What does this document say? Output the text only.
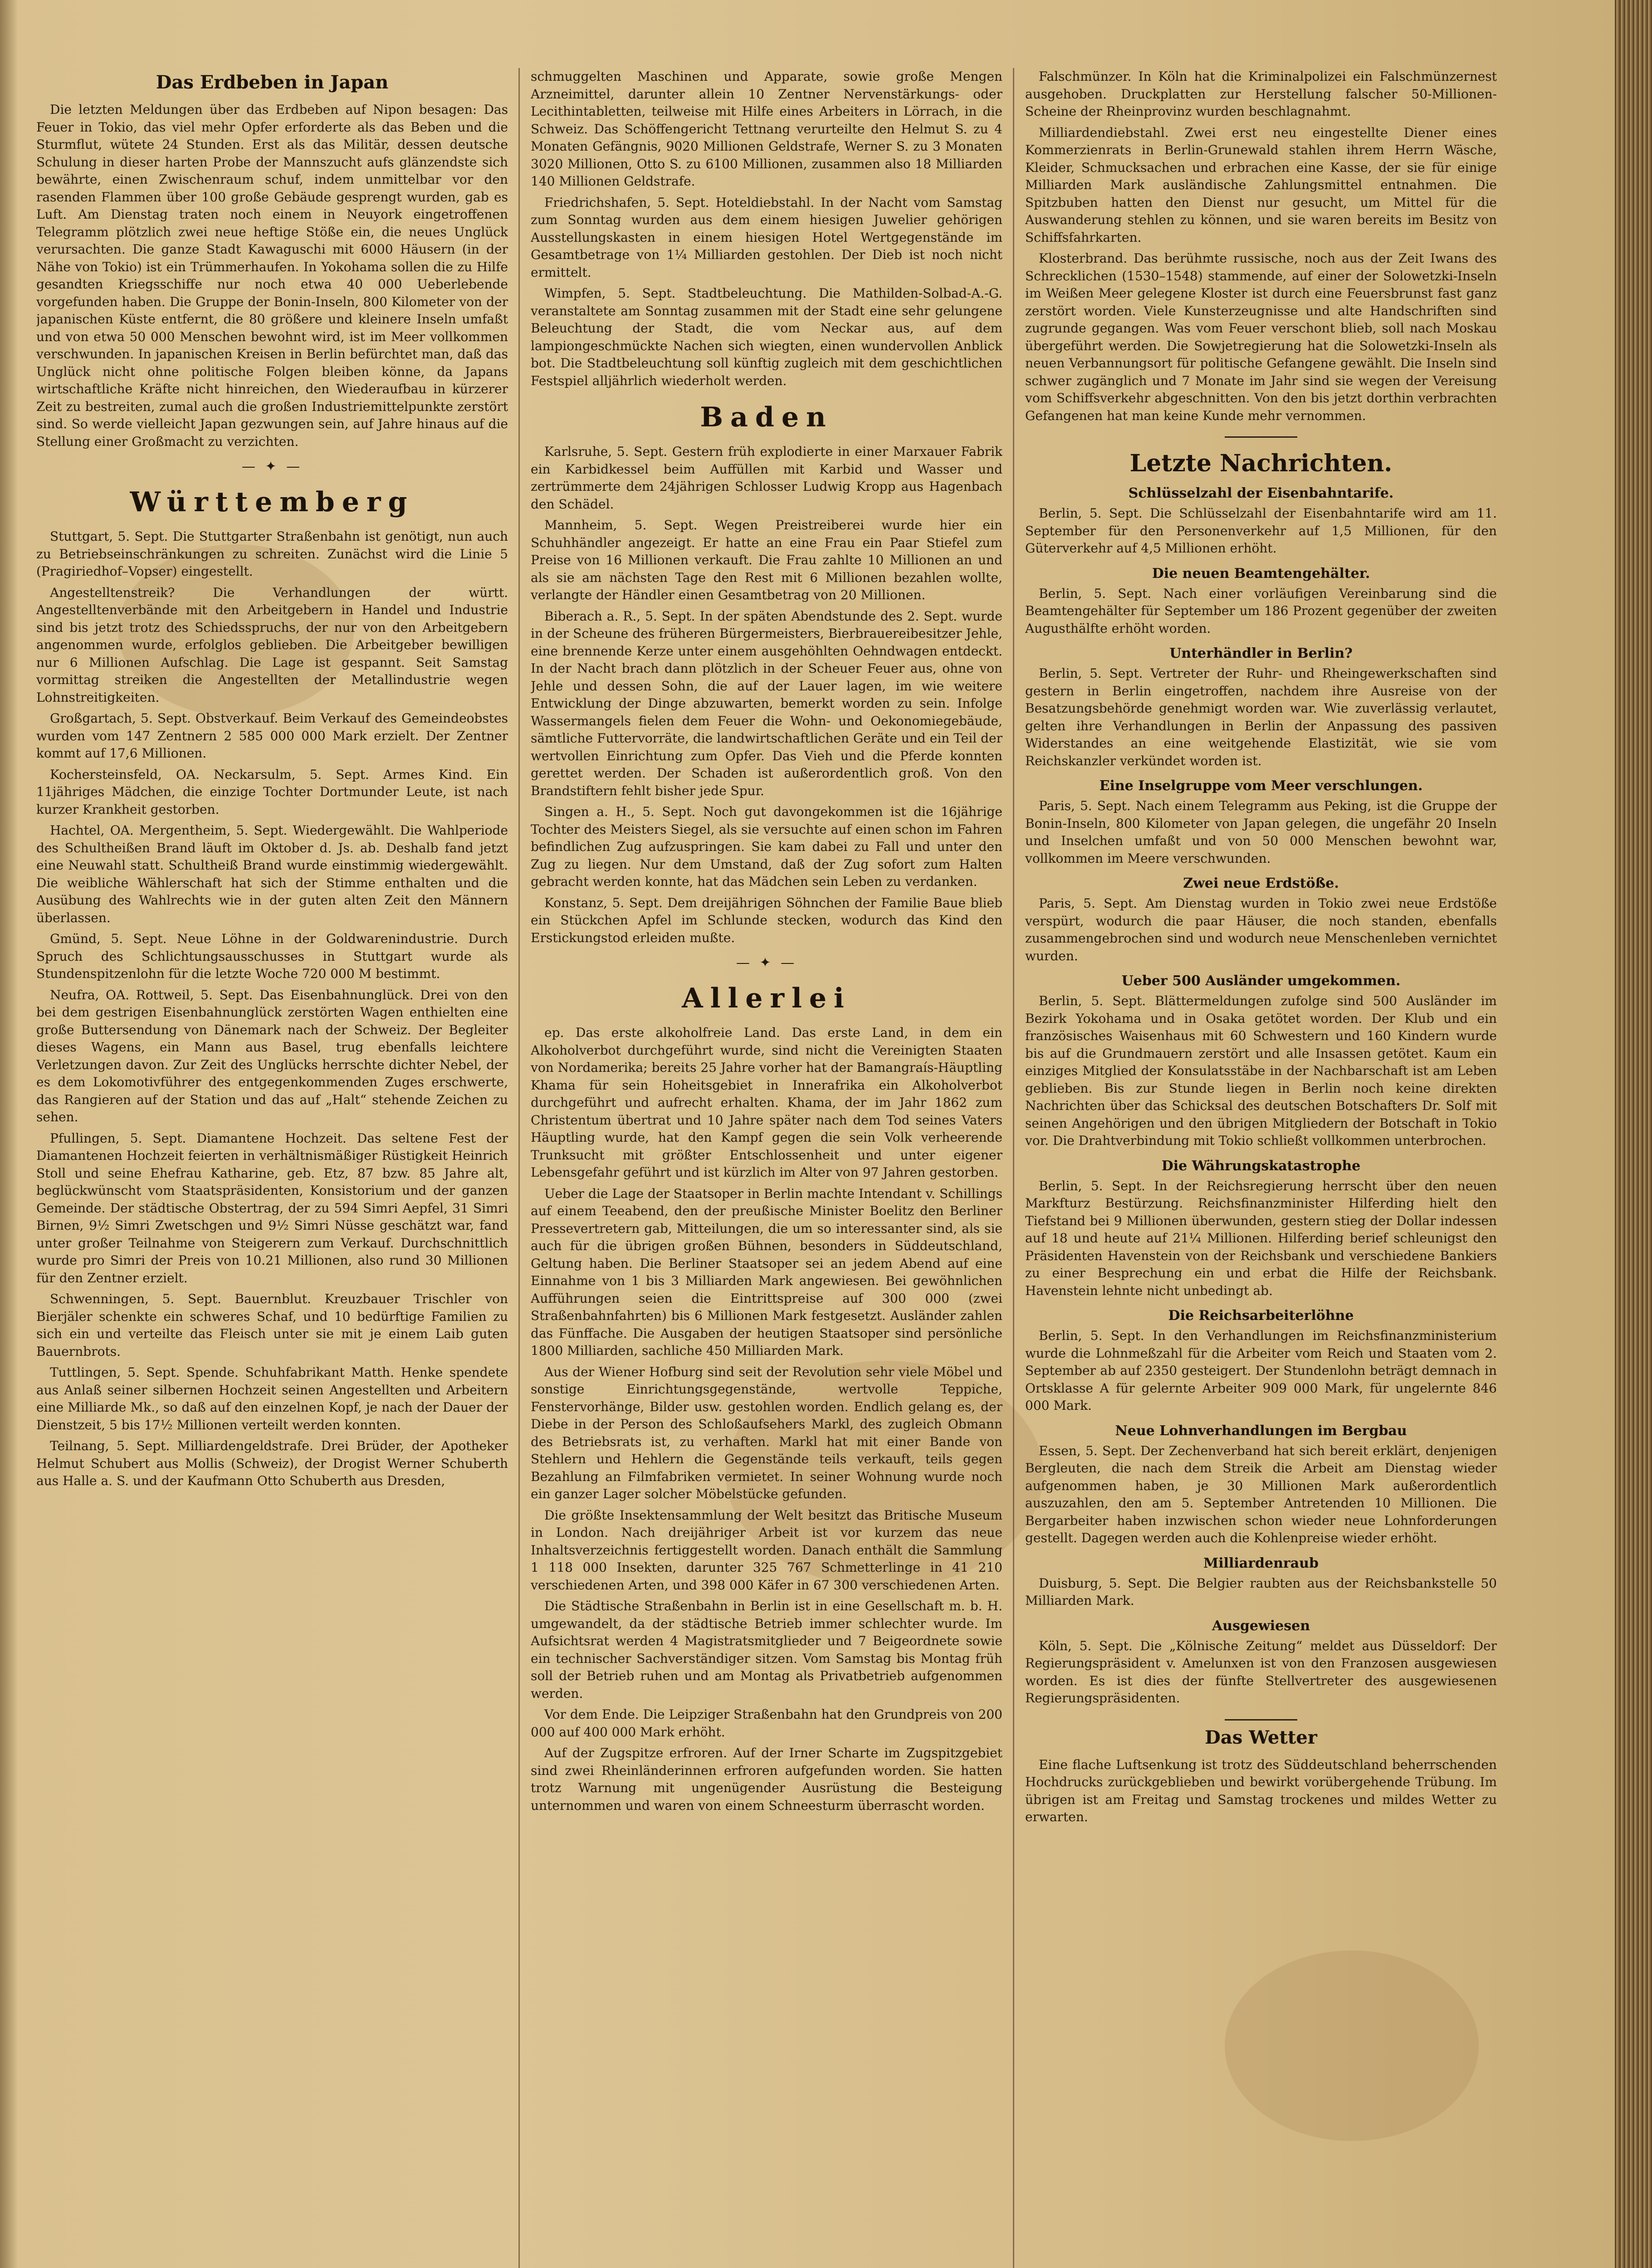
Das Erdbeben in Japan

Die letzten Meldungen über das Erdbeben auf Nipon besagen: Das Feuer in Tokio, das viel mehr Opfer erforderte als das Beben und die Sturmflut, wütete 24 Stunden. Erst als das Militär, dessen deutsche Schulung in dieser harten Probe der Mannszucht aufs glänzendste sich bewährte, einen Zwischenraum schuf, indem unmittelbar vor den rasenden Flammen über 100 große Gebäude gesprengt wurden, gab es Luft. Am Dienstag traten noch einem in Neuyork eingetroffenen Telegramm plötzlich zwei neue heftige Stöße ein, die neues Unglück verursachten. Die ganze Stadt Kawaguschi mit 6000 Häusern (in der Nähe von Tokio) ist ein Trümmerhaufen. In Yokohama sollen die zu Hilfe gesandten Kriegsschiffe nur noch etwa 40 000 Ueberlebende vorgefunden haben. Die Gruppe der Bonin-Inseln, 800 Kilometer von der japanischen Küste entfernt, die 80 größere und kleinere Inseln umfaßt und von etwa 50 000 Menschen bewohnt wird, ist im Meer vollkommen verschwunden. In japanischen Kreisen in Berlin befürchtet man, daß das Unglück nicht ohne politische Folgen bleiben könne, da Japans wirtschaftliche Kräfte nicht hinreichen, den Wiederaufbau in kürzerer Zeit zu bestreiten, zumal auch die großen Industriemittelpunkte zerstört sind. So werde vielleicht Japan gezwungen sein, auf Jahre hinaus auf die Stellung einer Großmacht zu verzichten.

— ✦ —
Württemberg

Stuttgart, 5. Sept. Die Stuttgarter Straßenbahn ist genötigt, nun auch zu Betriebseinschränkungen zu schreiten. Zunächst wird die Linie 5 (Pragiriedhof–Vopser) eingestellt.

Angestelltenstreik? Die Verhandlungen der württ. Angestelltenverbände mit den Arbeitgebern in Handel und Industrie sind bis jetzt trotz des Schiedsspruchs, der nur von den Arbeitgebern angenommen wurde, erfolglos geblieben. Die Arbeitgeber bewilligen nur 6 Millionen Aufschlag. Die Lage ist gespannt. Seit Samstag vormittag streiken die Angestellten der Metallindustrie wegen Lohnstreitigkeiten.

Großgartach, 5. Sept. Obstverkauf. Beim Verkauf des Gemeindeobstes wurden vom 147 Zentnern 2 585 000 000 Mark erzielt. Der Zentner kommt auf 17,6 Millionen.

Kochersteinsfeld, OA. Neckarsulm, 5. Sept. Armes Kind. Ein 11jähriges Mädchen, die einzige Tochter Dortmunder Leute, ist nach kurzer Krankheit gestorben.

Hachtel, OA. Mergentheim, 5. Sept. Wiedergewählt. Die Wahlperiode des Schultheißen Brand läuft im Oktober d. Js. ab. Deshalb fand jetzt eine Neuwahl statt. Schultheiß Brand wurde einstimmig wiedergewählt. Die weibliche Wählerschaft hat sich der Stimme enthalten und die Ausübung des Wahlrechts wie in der guten alten Zeit den Männern überlassen.

Gmünd, 5. Sept. Neue Löhne in der Goldwarenindustrie. Durch Spruch des Schlichtungsausschusses in Stuttgart wurde als Stundenspitzenlohn für die letzte Woche 720 000 M bestimmt.

Neufra, OA. Rottweil, 5. Sept. Das Eisenbahnunglück. Drei von den bei dem gestrigen Eisenbahnunglück zerstörten Wagen enthielten eine große Buttersendung von Dänemark nach der Schweiz. Der Begleiter dieses Wagens, ein Mann aus Basel, trug ebenfalls leichtere Verletzungen davon. Zur Zeit des Unglücks herrschte dichter Nebel, der es dem Lokomotivführer des entgegenkommenden Zuges erschwerte, das Rangieren auf der Station und das auf „Halt“ stehende Zeichen zu sehen.

Pfullingen, 5. Sept. Diamantene Hochzeit. Das seltene Fest der Diamantenen Hochzeit feierten in verhältnismäßiger Rüstigkeit Heinrich Stoll und seine Ehefrau Katharine, geb. Etz, 87 bzw. 85 Jahre alt, beglückwünscht vom Staatspräsidenten, Konsistorium und der ganzen Gemeinde. Der städtische Obstertrag, der zu 594 Simri Aepfel, 31 Simri Birnen, 9½ Simri Zwetschgen und 9½ Simri Nüsse geschätzt war, fand unter großer Teilnahme von Steigerern zum Verkauf. Durchschnittlich wurde pro Simri der Preis von 10.21 Millionen, also rund 30 Millionen für den Zentner erzielt.

Schwenningen, 5. Sept. Bauernblut. Kreuzbauer Trischler von Bierjäler schenkte ein schweres Schaf, und 10 bedürftige Familien zu sich ein und verteilte das Fleisch unter sie mit je einem Laib guten Bauernbrots.

Tuttlingen, 5. Sept. Spende. Schuhfabrikant Matth. Henke spendete aus Anlaß seiner silbernen Hochzeit seinen Angestellten und Arbeitern eine Milliarde Mk., so daß auf den einzelnen Kopf, je nach der Dauer der Dienstzeit, 5 bis 17½ Millionen verteilt werden konnten.

Teilnang, 5. Sept. Milliardengeldstrafe. Drei Brüder, der Apotheker Helmut Schubert aus Mollis (Schweiz), der Drogist Werner Schuberth aus Halle a. S. und der Kaufmann Otto Schuberth aus Dresden,

schmuggelten Maschinen und Apparate, sowie große Mengen Arzneimittel, darunter allein 10 Zentner Nervenstärkungs- oder Lecithintabletten, teilweise mit Hilfe eines Arbeiters in Lörrach, in die Schweiz. Das Schöffengericht Tettnang verurteilte den Helmut S. zu 4 Monaten Gefängnis, 9020 Millionen Geldstrafe, Werner S. zu 3 Monaten 3020 Millionen, Otto S. zu 6100 Millionen, zusammen also 18 Milliarden 140 Millionen Geldstrafe.

Friedrichshafen, 5. Sept. Hoteldiebstahl. In der Nacht vom Samstag zum Sonntag wurden aus dem einem hiesigen Juwelier gehörigen Ausstellungskasten in einem hiesigen Hotel Wertgegenstände im Gesamtbetrage von 1¼ Milliarden gestohlen. Der Dieb ist noch nicht ermittelt.

Wimpfen, 5. Sept. Stadtbeleuchtung. Die Mathilden-Solbad-A.-G. veranstaltete am Sonntag zusammen mit der Stadt eine sehr gelungene Beleuchtung der Stadt, die vom Neckar aus, auf dem lampiongeschmückte Nachen sich wiegten, einen wundervollen Anblick bot. Die Stadtbeleuchtung soll künftig zugleich mit dem geschichtlichen Festspiel alljährlich wiederholt werden.

Baden

Karlsruhe, 5. Sept. Gestern früh explodierte in einer Marxauer Fabrik ein Karbidkessel beim Auffüllen mit Karbid und Wasser und zertrümmerte dem 24jährigen Schlosser Ludwig Kropp aus Hagenbach den Schädel.

Mannheim, 5. Sept. Wegen Preistreiberei wurde hier ein Schuhhändler angezeigt. Er hatte an eine Frau ein Paar Stiefel zum Preise von 16 Millionen verkauft. Die Frau zahlte 10 Millionen an und als sie am nächsten Tage den Rest mit 6 Millionen bezahlen wollte, verlangte der Händler einen Gesamtbetrag von 20 Millionen.

Biberach a. R., 5. Sept. In der späten Abendstunde des 2. Sept. wurde in der Scheune des früheren Bürgermeisters, Bierbrauereibesitzer Jehle, eine brennende Kerze unter einem ausgehöhlten Oehndwagen entdeckt. In der Nacht brach dann plötzlich in der Scheuer Feuer aus, ohne von Jehle und dessen Sohn, die auf der Lauer lagen, im wie weitere Entwicklung der Dinge abzuwarten, bemerkt worden zu sein. Infolge Wassermangels fielen dem Feuer die Wohn- und Oekonomiegebäude, sämtliche Futtervorräte, die landwirtschaftlichen Geräte und ein Teil der wertvollen Einrichtung zum Opfer. Das Vieh und die Pferde konnten gerettet werden. Der Schaden ist außerordentlich groß. Von den Brandstiftern fehlt bisher jede Spur.

Singen a. H., 5. Sept. Noch gut davongekommen ist die 16jährige Tochter des Meisters Siegel, als sie versuchte auf einen schon im Fahren befindlichen Zug aufzuspringen. Sie kam dabei zu Fall und unter den Zug zu liegen. Nur dem Umstand, daß der Zug sofort zum Halten gebracht werden konnte, hat das Mädchen sein Leben zu verdanken.

Konstanz, 5. Sept. Dem dreijährigen Söhnchen der Familie Baue blieb ein Stückchen Apfel im Schlunde stecken, wodurch das Kind den Erstickungstod erleiden mußte.

— ✦ —
Allerlei

ep. Das erste alkoholfreie Land. Das erste Land, in dem ein Alkoholverbot durchgeführt wurde, sind nicht die Vereinigten Staaten von Nordamerika; bereits 25 Jahre vorher hat der Bamangraís-Häuptling Khama für sein Hoheitsgebiet in Innerafrika ein Alkoholverbot durchgeführt und aufrecht erhalten. Khama, der im Jahr 1862 zum Christentum übertrat und 10 Jahre später nach dem Tod seines Vaters Häuptling wurde, hat den Kampf gegen die sein Volk verheerende Trunksucht mit größter Entschlossenheit und unter eigener Lebensgefahr geführt und ist kürzlich im Alter von 97 Jahren gestorben.

Ueber die Lage der Staatsoper in Berlin machte Intendant v. Schillings auf einem Teeabend, den der preußische Minister Boelitz den Berliner Pressevertretern gab, Mitteilungen, die um so interessanter sind, als sie auch für die übrigen großen Bühnen, besonders in Süddeutschland, Geltung haben. Die Berliner Staatsoper sei an jedem Abend auf eine Einnahme von 1 bis 3 Milliarden Mark angewiesen. Bei gewöhnlichen Aufführungen seien die Eintrittspreise auf 300 000 (zwei Straßenbahnfahrten) bis 6 Millionen Mark festgesetzt. Ausländer zahlen das Fünffache. Die Ausgaben der heutigen Staatsoper sind persönliche 1800 Milliarden, sachliche 450 Milliarden Mark.

Aus der Wiener Hofburg sind seit der Revolution sehr viele Möbel und sonstige Einrichtungsgegenstände, wertvolle Teppiche, Fenstervorhänge, Bilder usw. gestohlen worden. Endlich gelang es, der Diebe in der Person des Schloßaufsehers Markl, des zugleich Obmann des Betriebsrats ist, zu verhaften. Markl hat mit einer Bande von Stehlern und Hehlern die Gegenstände teils verkauft, teils gegen Bezahlung an Filmfabriken vermietet. In seiner Wohnung wurde noch ein ganzer Lager solcher Möbelstücke gefunden.

Die größte Insektensammlung der Welt besitzt das Britische Museum in London. Nach dreijähriger Arbeit ist vor kurzem das neue Inhaltsverzeichnis fertiggestellt worden. Danach enthält die Sammlung 1 118 000 Insekten, darunter 325 767 Schmetterlinge in 41 210 verschiedenen Arten, und 398 000 Käfer in 67 300 verschiedenen Arten.

Die Städtische Straßenbahn in Berlin ist in eine Gesellschaft m. b. H. umgewandelt, da der städtische Betrieb immer schlechter wurde. Im Aufsichtsrat werden 4 Magistratsmitglieder und 7 Beigeordnete sowie ein technischer Sachverständiger sitzen. Vom Samstag bis Montag früh soll der Betrieb ruhen und am Montag als Privatbetrieb aufgenommen werden.

Vor dem Ende. Die Leipziger Straßenbahn hat den Grundpreis von 200 000 auf 400 000 Mark erhöht.

Auf der Zugspitze erfroren. Auf der Irner Scharte im Zugspitzgebiet sind zwei Rheinländerinnen erfroren aufgefunden worden. Sie hatten trotz Warnung mit ungenügender Ausrüstung die Besteigung unternommen und waren von einem Schneesturm überrascht worden.

Falschmünzer. In Köln hat die Kriminalpolizei ein Falschmünzernest ausgehoben. Druckplatten zur Herstellung falscher 50-Millionen-Scheine der Rheinprovinz wurden beschlagnahmt.

Milliardendiebstahl. Zwei erst neu eingestellte Diener eines Kommerzienrats in Berlin-Grunewald stahlen ihrem Herrn Wäsche, Kleider, Schmucksachen und erbrachen eine Kasse, der sie für einige Milliarden Mark ausländische Zahlungsmittel entnahmen. Die Spitzbuben hatten den Dienst nur gesucht, um Mittel für die Auswanderung stehlen zu können, und sie waren bereits im Besitz von Schiffsfahrkarten.

Klosterbrand. Das berühmte russische, noch aus der Zeit Iwans des Schrecklichen (1530–1548) stammende, auf einer der Solowetzki-Inseln im Weißen Meer gelegene Kloster ist durch eine Feuersbrunst fast ganz zerstört worden. Viele Kunsterzeugnisse und alte Handschriften sind zugrunde gegangen. Was vom Feuer verschont blieb, soll nach Moskau übergeführt werden. Die Sowjetregierung hat die Solowetzki-Inseln als neuen Verbannungsort für politische Gefangene gewählt. Die Inseln sind schwer zugänglich und 7 Monate im Jahr sind sie wegen der Vereisung vom Schiffsverkehr abgeschnitten. Von den bis jetzt dorthin verbrachten Gefangenen hat man keine Kunde mehr vernommen.

Letzte Nachrichten.
Schlüsselzahl der Eisenbahntarife.

Berlin, 5. Sept. Die Schlüsselzahl der Eisenbahntarife wird am 11. September für den Personenverkehr auf 1,5 Millionen, für den Güterverkehr auf 4,5 Millionen erhöht.

Die neuen Beamtengehälter.

Berlin, 5. Sept. Nach einer vorläufigen Vereinbarung sind die Beamtengehälter für September um 186 Prozent gegenüber der zweiten Augusthälfte erhöht worden.

Unterhändler in Berlin?

Berlin, 5. Sept. Vertreter der Ruhr- und Rheingewerkschaften sind gestern in Berlin eingetroffen, nachdem ihre Ausreise von der Besatzungsbehörde genehmigt worden war. Wie zuverlässig verlautet, gelten ihre Verhandlungen in Berlin der Anpassung des passiven Widerstandes an eine weitgehende Elastizität, wie sie vom Reichskanzler verkündet worden ist.

Eine Inselgruppe vom Meer verschlungen.

Paris, 5. Sept. Nach einem Telegramm aus Peking, ist die Gruppe der Bonin-Inseln, 800 Kilometer von Japan gelegen, die ungefähr 20 Inseln und Inselchen umfaßt und von 50 000 Menschen bewohnt war, vollkommen im Meere verschwunden.

Zwei neue Erdstöße.

Paris, 5. Sept. Am Dienstag wurden in Tokio zwei neue Erdstöße verspürt, wodurch die paar Häuser, die noch standen, ebenfalls zusammengebrochen sind und wodurch neue Menschenleben vernichtet wurden.

Ueber 500 Ausländer umgekommen.

Berlin, 5. Sept. Blättermeldungen zufolge sind 500 Ausländer im Bezirk Yokohama und in Osaka getötet worden. Der Klub und ein französisches Waisenhaus mit 60 Schwestern und 160 Kindern wurde bis auf die Grundmauern zerstört und alle Insassen getötet. Kaum ein einziges Mitglied der Konsulatsstäbe in der Nachbarschaft ist am Leben geblieben. Bis zur Stunde liegen in Berlin noch keine direkten Nachrichten über das Schicksal des deutschen Botschafters Dr. Solf mit seinen Angehörigen und den übrigen Mitgliedern der Botschaft in Tokio vor. Die Drahtverbindung mit Tokio schließt vollkommen unterbrochen.

Die Währungskatastrophe

Berlin, 5. Sept. In der Reichsregierung herrscht über den neuen Markfturz Bestürzung. Reichsfinanzminister Hilferding hielt den Tiefstand bei 9 Millionen überwunden, gestern stieg der Dollar indessen auf 18 und heute auf 21¼ Millionen. Hilferding berief schleunigst den Präsidenten Havenstein von der Reichsbank und verschiedene Bankiers zu einer Besprechung ein und erbat die Hilfe der Reichsbank. Havenstein lehnte nicht unbedingt ab.

Die Reichsarbeiterlöhne

Berlin, 5. Sept. In den Verhandlungen im Reichsfinanzministerium wurde die Lohnmeßzahl für die Arbeiter vom Reich und Staaten vom 2. September ab auf 2350 gesteigert. Der Stundenlohn beträgt demnach in Ortsklasse A für gelernte Arbeiter 909 000 Mark, für ungelernte 846 000 Mark.

Neue Lohnverhandlungen im Bergbau

Essen, 5. Sept. Der Zechenverband hat sich bereit erklärt, denjenigen Bergleuten, die nach dem Streik die Arbeit am Dienstag wieder aufgenommen haben, je 30 Millionen Mark außerordentlich auszuzahlen, den am 5. September Antretenden 10 Millionen. Die Bergarbeiter haben inzwischen schon wieder neue Lohnforderungen gestellt. Dagegen werden auch die Kohlenpreise wieder erhöht.

Milliardenraub

Duisburg, 5. Sept. Die Belgier raubten aus der Reichsbankstelle 50 Milliarden Mark.

Ausgewiesen

Köln, 5. Sept. Die „Kölnische Zeitung“ meldet aus Düsseldorf: Der Regierungspräsident v. Amelunxen ist von den Franzosen ausgewiesen worden. Es ist dies der fünfte Stellvertreter des ausgewiesenen Regierungspräsidenten.

Das Wetter

Eine flache Luftsenkung ist trotz des Süddeutschland beherrschenden Hochdrucks zurückgeblieben und bewirkt vorübergehende Trübung. Im übrigen ist am Freitag und Samstag trockenes und mildes Wetter zu erwarten.
